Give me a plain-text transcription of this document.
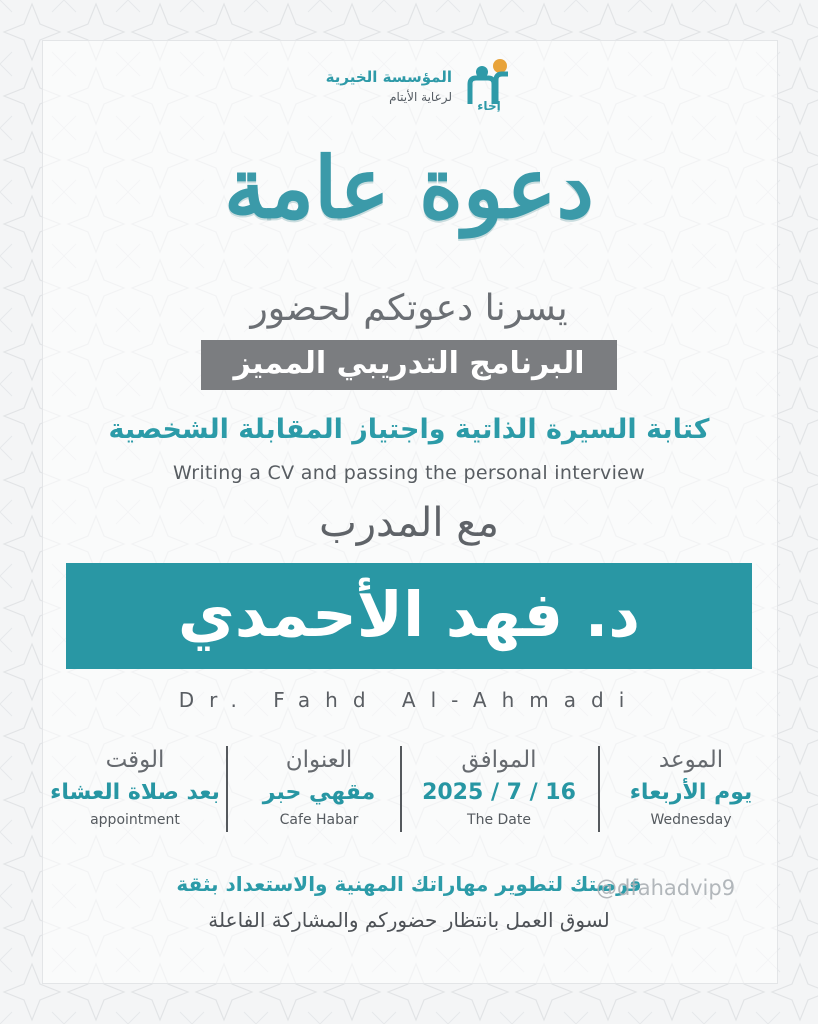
المؤسسة الخيرية
لرعاية الأيتام
إخاء
دعوة عامة
يسرنا دعوتكم لحضور
البرنامج التدريبي المميز
كتابة السيرة الذاتية واجتياز المقابلة الشخصية
Writing a CV and passing the personal interview
مع المدرب
د. فهد الأحمدي
Dr. Fahd Al-Ahmadi
الوقت
بعد صلاة العشاء
appointment
العنوان
مقهي حبر
Cafe Habar
الموافق
2025 / 7 / 16
The Date
الموعد
يوم الأربعاء
Wednesday
فرصتك لتطوير مهاراتك المهنية والاستعداد بثقة
لسوق العمل بانتظار حضوركم والمشاركة الفاعلة
@dfahadvip9
